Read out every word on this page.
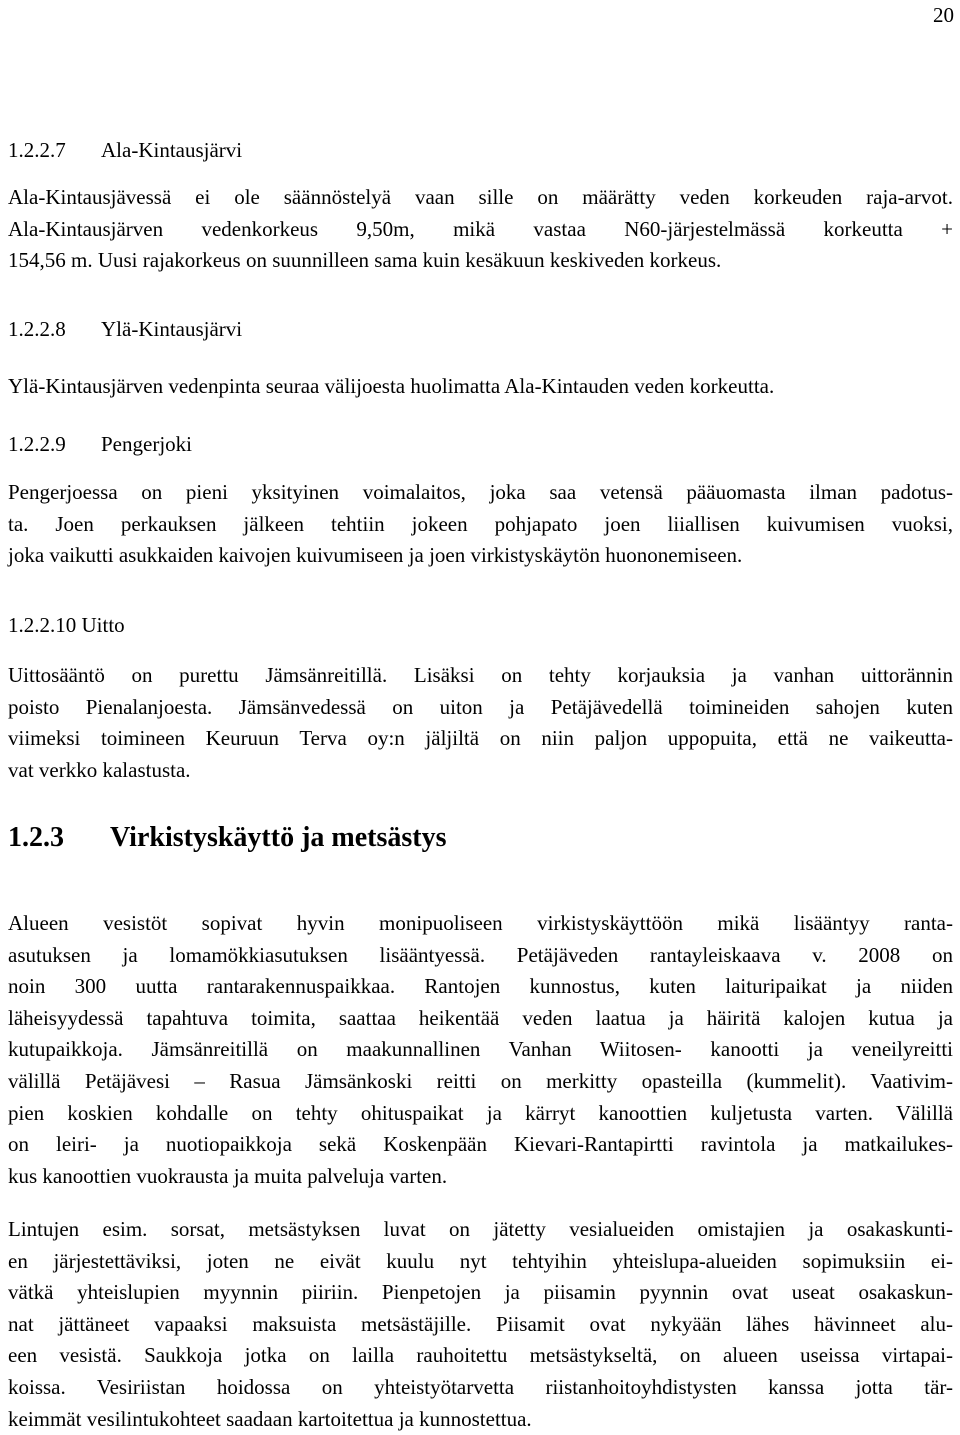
20
1.2.2.7 Ala-Kintausjärvi
Ala-Kintausjävessä ei ole säännöstelyä vaan sille on määrätty veden korkeuden raja-arvot.
Ala-Kintausjärven vedenkorkeus 9,50m, mikä vastaa N60-järjestelmässä korkeutta +
154,56 m. Uusi rajakorkeus on suunnilleen sama kuin kesäkuun keskiveden korkeus.
1.2.2.8 Ylä-Kintausjärvi
Ylä-Kintausjärven vedenpinta seuraa välijoesta huolimatta Ala-Kintauden veden korkeutta.
1.2.2.9 Pengerjoki
Pengerjoessa on pieni yksityinen voimalaitos, joka saa vetensä pääuomasta ilman padotus-
ta. Joen perkauksen jälkeen tehtiin jokeen pohjapato joen liiallisen kuivumisen vuoksi,
joka vaikutti asukkaiden kaivojen kuivumiseen ja joen virkistyskäytön huononemiseen.
1.2.2.10 Uitto
Uittosääntö on purettu Jämsänreitillä. Lisäksi on tehty korjauksia ja vanhan uittorännin
poisto Pienalanjoesta. Jämsänvedessä on uiton ja Petäjävedellä toimineiden sahojen kuten
viimeksi toimineen Keuruun Terva oy:n jäljiltä on niin paljon uppopuita, että ne vaikeutta-
vat verkko kalastusta.
1.2.3 Virkistyskäyttö ja metsästys
Alueen vesistöt sopivat hyvin monipuoliseen virkistyskäyttöön mikä lisääntyy ranta-
asutuksen ja lomamökkiasutuksen lisääntyessä. Petäjäveden rantayleiskaava v. 2008 on
noin 300 uutta rantarakennuspaikkaa. Rantojen kunnostus, kuten laituripaikat ja niiden
läheisyydessä tapahtuva toimita, saattaa heikentää veden laatua ja häiritä kalojen kutua ja
kutupaikkoja. Jämsänreitillä on maakunnallinen Vanhan Wiitosen- kanootti ja veneilyreitti
välillä Petäjävesi – Rasua Jämsänkoski reitti on merkitty opasteilla (kummelit). Vaativim-
pien koskien kohdalle on tehty ohituspaikat ja kärryt kanoottien kuljetusta varten. Välillä
on leiri- ja nuotiopaikkoja sekä Koskenpään Kievari-Rantapirtti ravintola ja matkailukes-
kus kanoottien vuokrausta ja muita palveluja varten.
Lintujen esim. sorsat, metsästyksen luvat on jätetty vesialueiden omistajien ja osakaskunti-
en järjestettäviksi, joten ne eivät kuulu nyt tehtyihin yhteislupa-alueiden sopimuksiin ei-
vätkä yhteislupien myynnin piiriin. Pienpetojen ja piisamin pyynnin ovat useat osakaskun-
nat jättäneet vapaaksi maksuista metsästäjille. Piisamit ovat nykyään lähes hävinneet alu-
een vesistä. Saukkoja jotka on lailla rauhoitettu metsästykseltä, on alueen useissa virtapai-
koissa. Vesiriistan hoidossa on yhteistyötarvetta riistanhoitoyhdistysten kanssa jotta tär-
keimmät vesilintukohteet saadaan kartoitettua ja kunnostettua.
